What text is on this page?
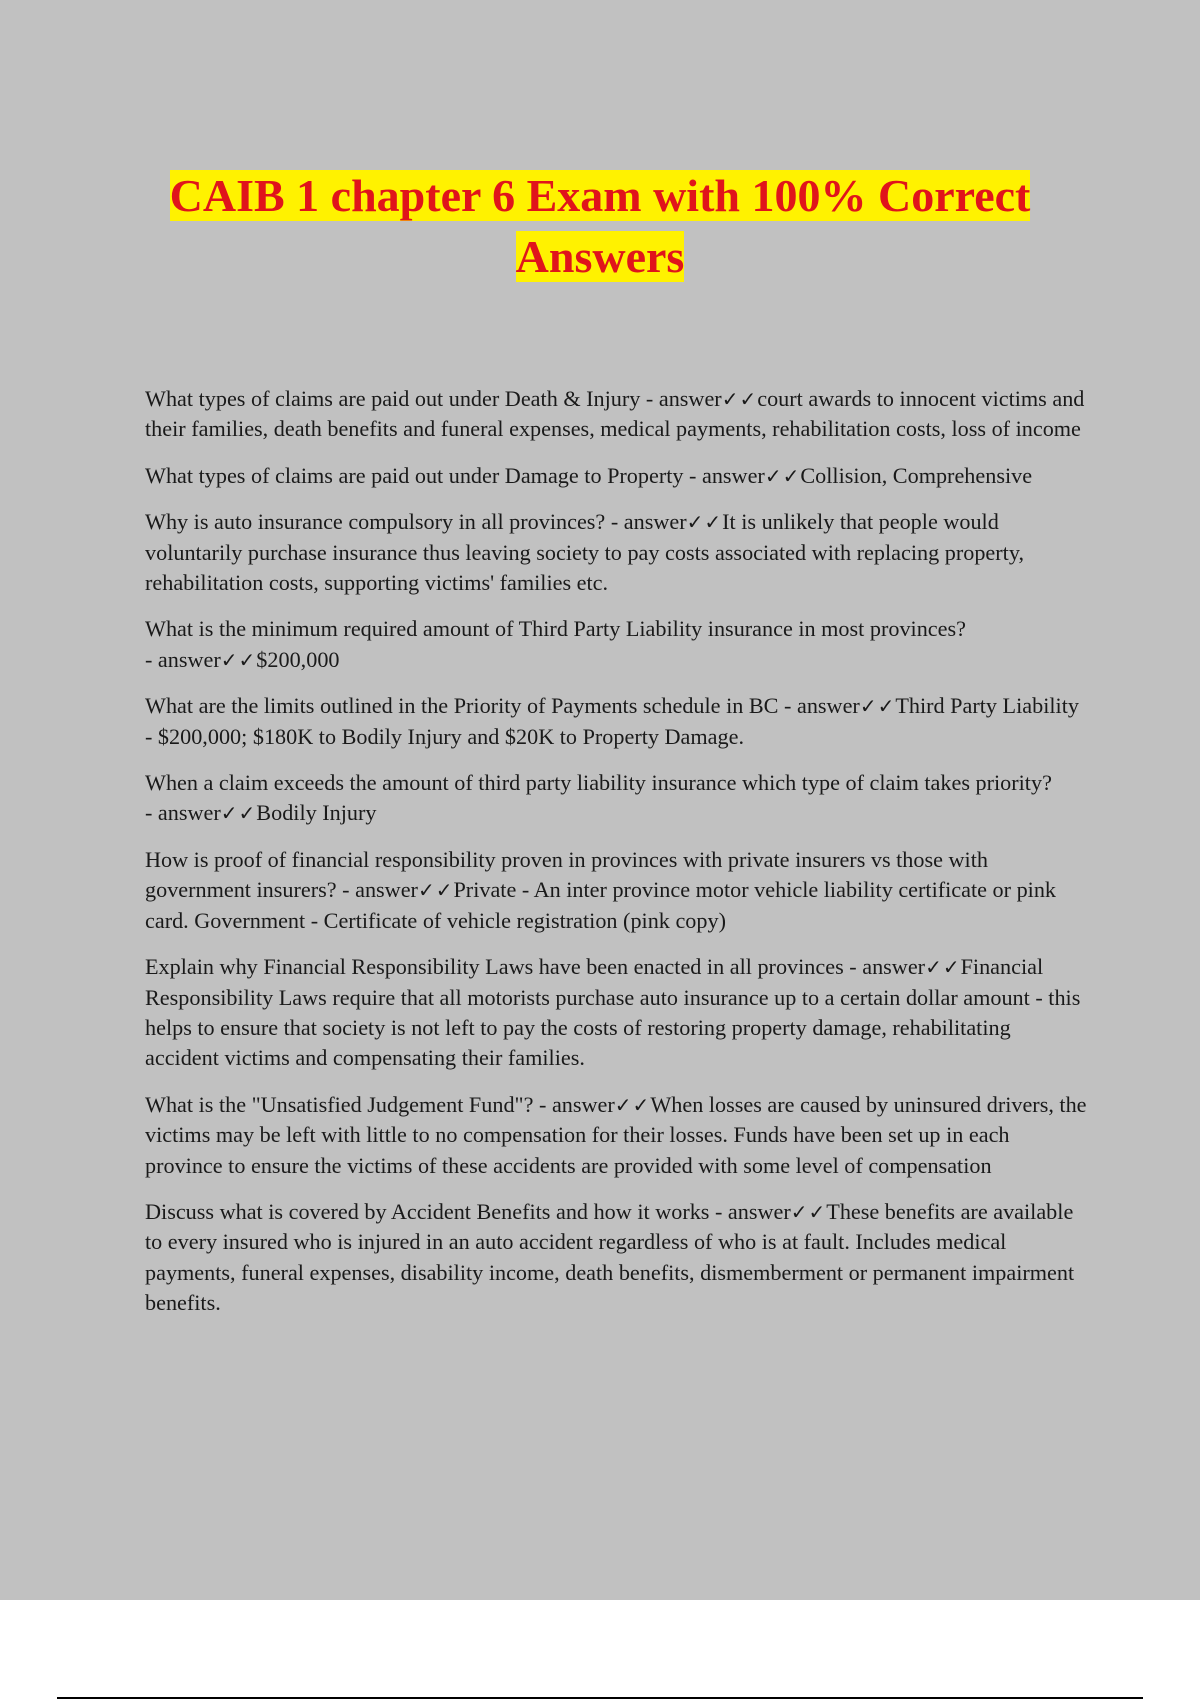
CAIB 1 chapter 6 Exam with 100% Correct Answers

What types of claims are paid out under Death & Injury - answer✓✓court awards to innocent victims and their families, death benefits and funeral expenses, medical payments, rehabilitation costs, loss of income

What types of claims are paid out under Damage to Property - answer✓✓Collision, Comprehensive

Why is auto insurance compulsory in all provinces? - answer✓✓It is unlikely that people would voluntarily purchase insurance thus leaving society to pay costs associated with replacing property, rehabilitation costs, supporting victims' families etc.

What is the minimum required amount of Third Party Liability insurance in most provinces? - answer✓✓$200,000

What are the limits outlined in the Priority of Payments schedule in BC - answer✓✓Third Party Liability - $200,000; $180K to Bodily Injury and $20K to Property Damage.

When a claim exceeds the amount of third party liability insurance which type of claim takes priority? - answer✓✓Bodily Injury

How is proof of financial responsibility proven in provinces with private insurers vs those with government insurers? - answer✓✓Private - An inter province motor vehicle liability certificate or pink card. Government - Certificate of vehicle registration (pink copy)

Explain why Financial Responsibility Laws have been enacted in all provinces - answer✓✓Financial Responsibility Laws require that all motorists purchase auto insurance up to a certain dollar amount - this helps to ensure that society is not left to pay the costs of restoring property damage, rehabilitating accident victims and compensating their families.

What is the "Unsatisfied Judgement Fund"? - answer✓✓When losses are caused by uninsured drivers, the victims may be left with little to no compensation for their losses. Funds have been set up in each province to ensure the victims of these accidents are provided with some level of compensation

Discuss what is covered by Accident Benefits and how it works - answer✓✓These benefits are available to every insured who is injured in an auto accident regardless of who is at fault. Includes medical payments, funeral expenses, disability income, death benefits, dismemberment or permanent impairment benefits.
